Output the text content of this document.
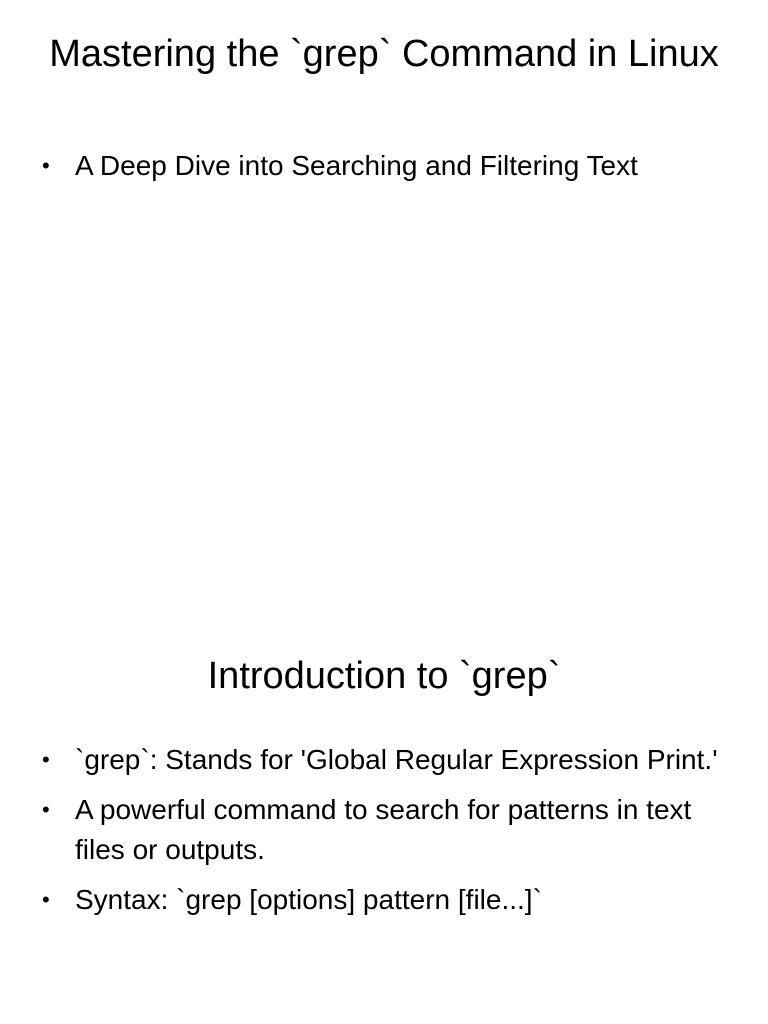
Mastering the `grep` Command in Linux
• A Deep Dive into Searching and Filtering Text
Introduction to `grep`
• `grep`: Stands for 'Global Regular Expression Print.'
• A powerful command to search for patterns in text files or outputs.
• Syntax: `grep [options] pattern [file...]`
